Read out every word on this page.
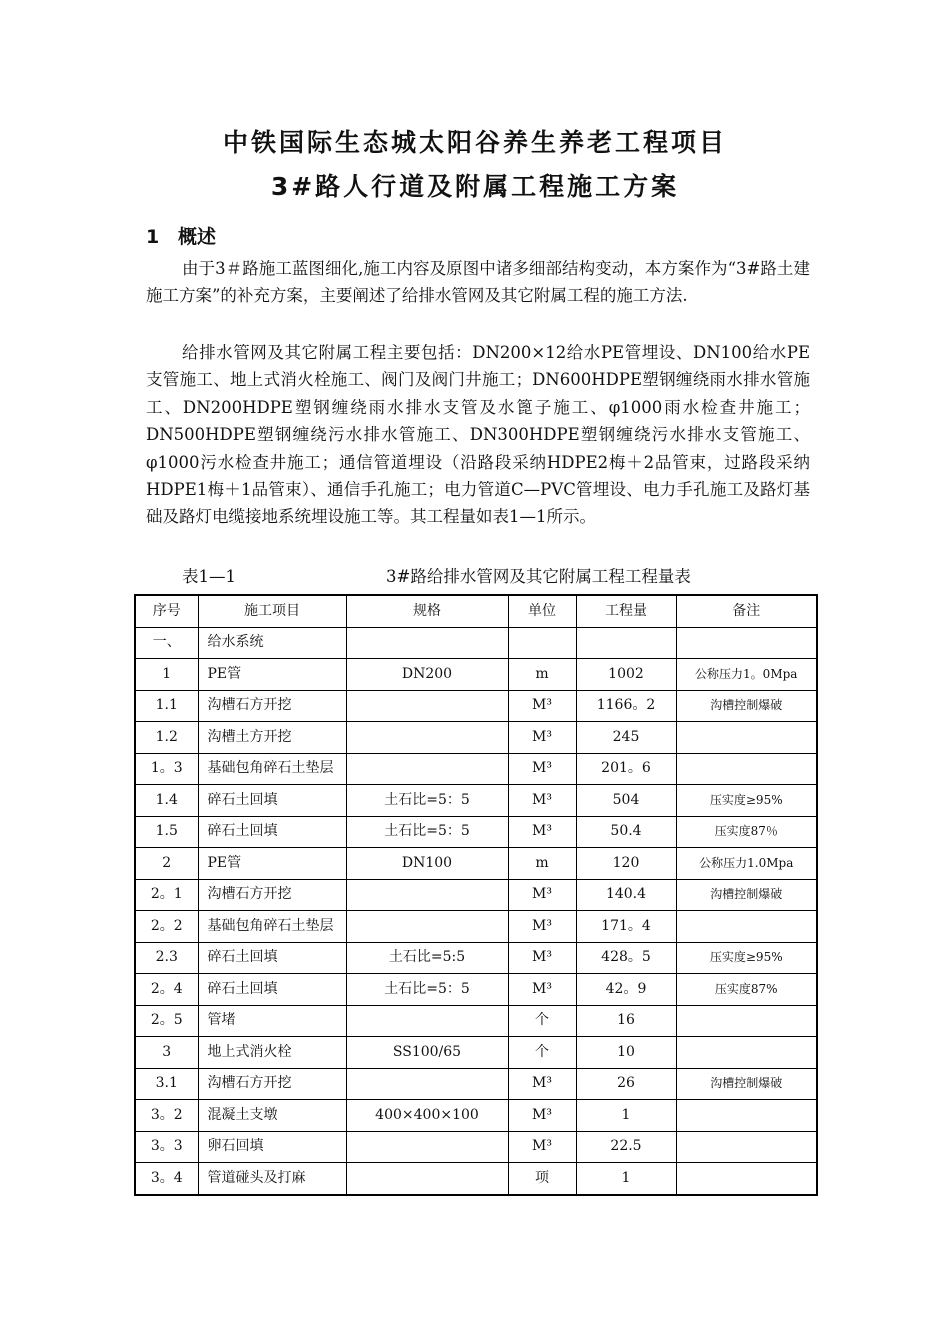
中铁国际生态城太阳谷养生养老工程项目
3#路人行道及附属工程施工方案
1 概述
由于3＃路施工蓝图细化,施工内容及原图中诸多细部结构变动，本方案作为“3#路土建施工方案”的补充方案，主要阐述了给排水管网及其它附属工程的施工方法.
给排水管网及其它附属工程主要包括：DN200×12给水PE管埋设、DN100给水PE支管施工、地上式消火栓施工、阀门及阀门井施工；DN600HDPE塑钢缠绕雨水排水管施工、DN200HDPE塑钢缠绕雨水排水支管及水篦子施工、φ1000雨水检查井施工；DN500HDPE塑钢缠绕污水排水管施工、DN300HDPE塑钢缠绕污水排水支管施工、φ1000污水检查井施工；通信管道埋设（沿路段采纳HDPE2梅＋2品管束，过路段采纳HDPE1梅＋1品管束）、通信手孔施工；电力管道C—PVC管埋设、电力手孔施工及路灯基础及路灯电缆接地系统埋设施工等。其工程量如表1—1所示。
表1—1	3#路给排水管网及其它附属工程工程量表
序号	施工项目	规格	单位	工程量	备注
一、	给水系统				
1	PE管	DN200	m	1002	公称压力1。0Mpa
1.1	沟槽石方开挖		M³	1166。2	沟槽控制爆破
1.2	沟槽土方开挖		M³	245	
1。3	基础包角碎石土垫层		M³	201。6	
1.4	碎石土回填	土石比=5：5	M³	504	压实度≥95%
1.5	碎石土回填	土石比=5：5	M³	50.4	压实度87％
2	PE管	DN100	m	120	公称压力1.0Mpa
2。1	沟槽石方开挖		M³	140.4	沟槽控制爆破
2。2	基础包角碎石土垫层		M³	171。4	
2.3	碎石土回填	土石比=5:5	M³	428。5	压实度≥95%
2。4	碎石土回填	土石比=5：5	M³	42。9	压实度87%
2。5	管堵		个	16	
3	地上式消火栓	SS100/65	个	10	
3.1	沟槽石方开挖		M³	26	沟槽控制爆破
3。2	混凝土支墩	400×400×100	M³	1	
3。3	卵石回填		M³	22.5	
3。4	管道碰头及打麻		项	1	
